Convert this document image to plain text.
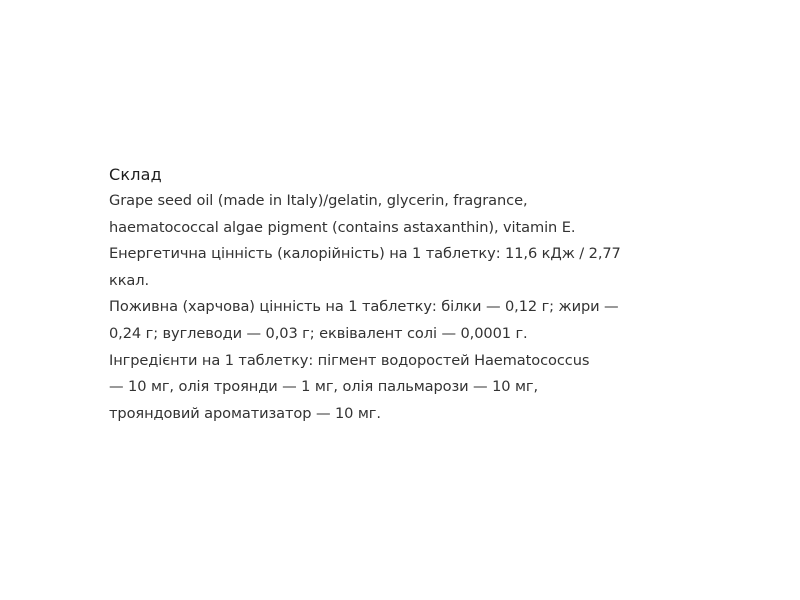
Склад

Grape seed oil (made in Italy)/gelatin, glycerin, fragrance,

haematococcal algae pigment (contains astaxanthin), vitamin E.

Енергетична цінність (калорійність) на 1 таблетку: 11,6 кДж / 2,77

ккал.

Поживна (харчова) цінність на 1 таблетку: білки — 0,12 г; жири —

0,24 г; вуглеводи — 0,03 г; еквівалент солі — 0,0001 г.

Інгредієнти на 1 таблетку: пігмент водоростей Haematococcus

— 10 мг, олія троянди — 1 мг, олія пальмарози — 10 мг,

трояндовий ароматизатор — 10 мг.
